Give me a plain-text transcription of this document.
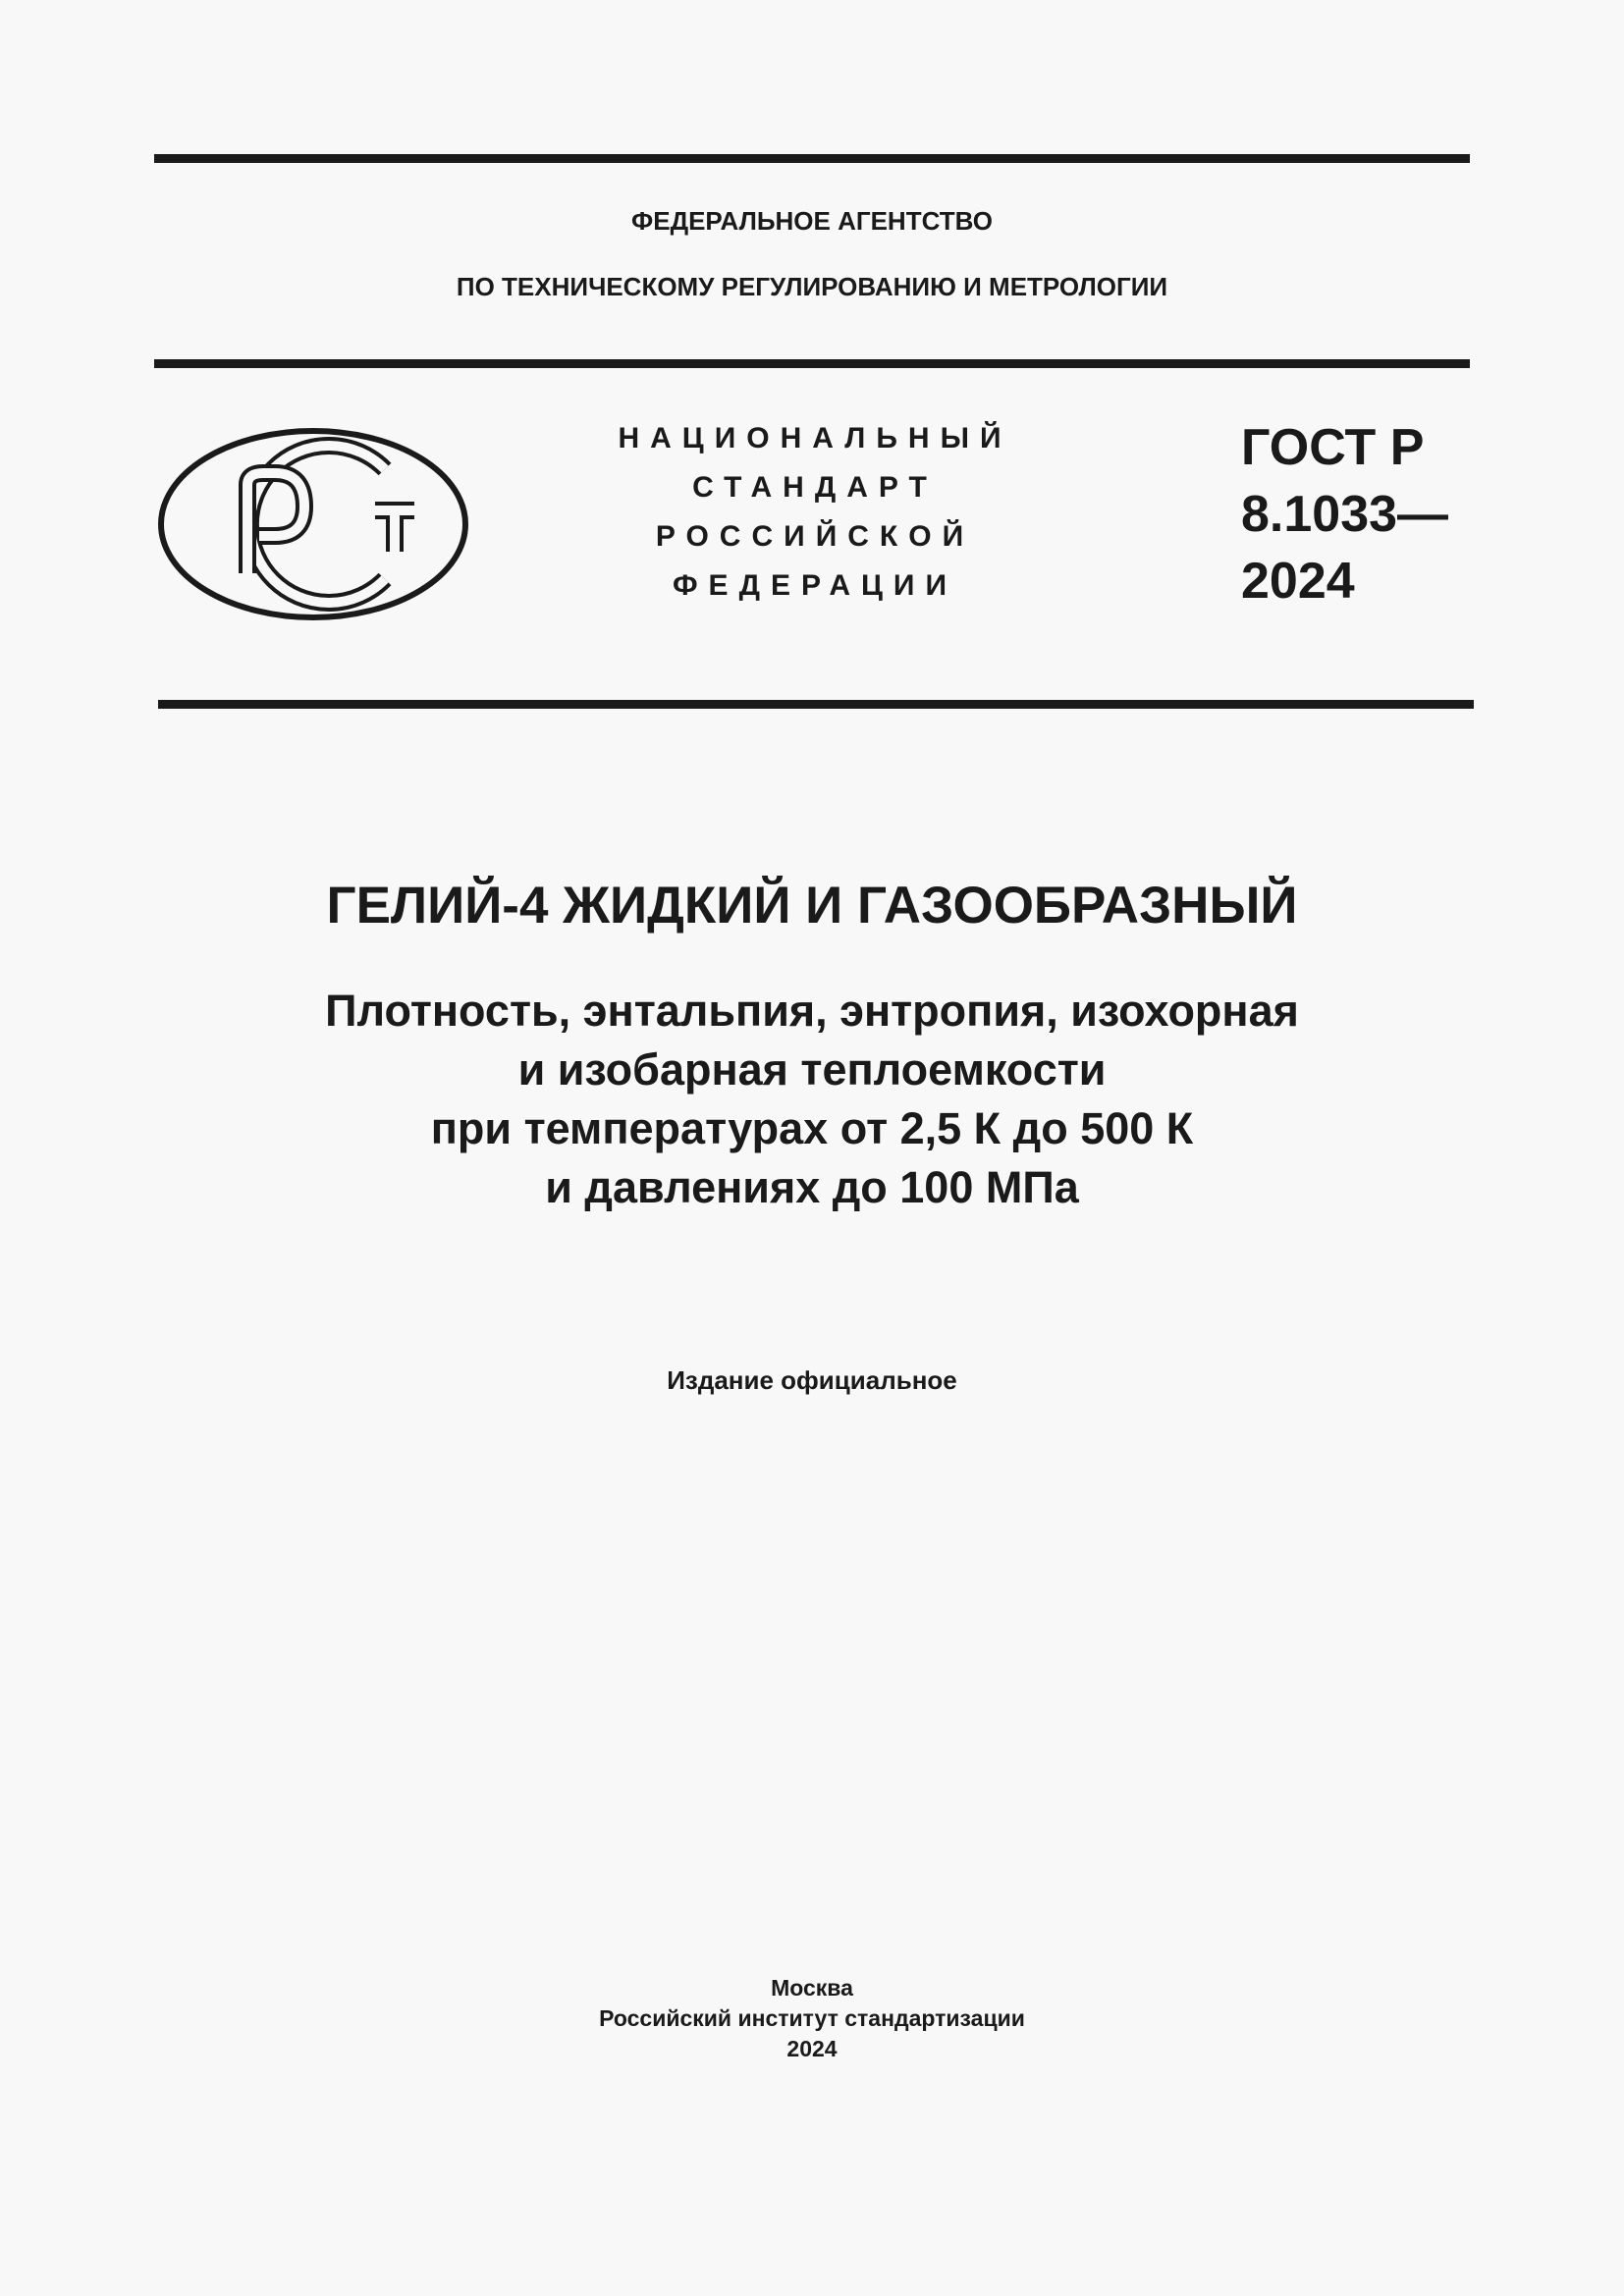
ФЕДЕРАЛЬНОЕ АГЕНТСТВО
ПО ТЕХНИЧЕСКОМУ РЕГУЛИРОВАНИЮ И МЕТРОЛОГИИ
НАЦИОНАЛЬНЫЙ
СТАНДАРТ
РОССИЙСКОЙ
ФЕДЕРАЦИИ
ГОСТ Р
8.1033—
2024
ГЕЛИЙ-4 ЖИДКИЙ И ГАЗООБРАЗНЫЙ
Плотность, энтальпия, энтропия, изохорная
и изобарная теплоемкости
при температурах от 2,5 К до 500 К
и давлениях до 100 МПа
Издание официальное
Москва
Российский институт стандартизации
2024
